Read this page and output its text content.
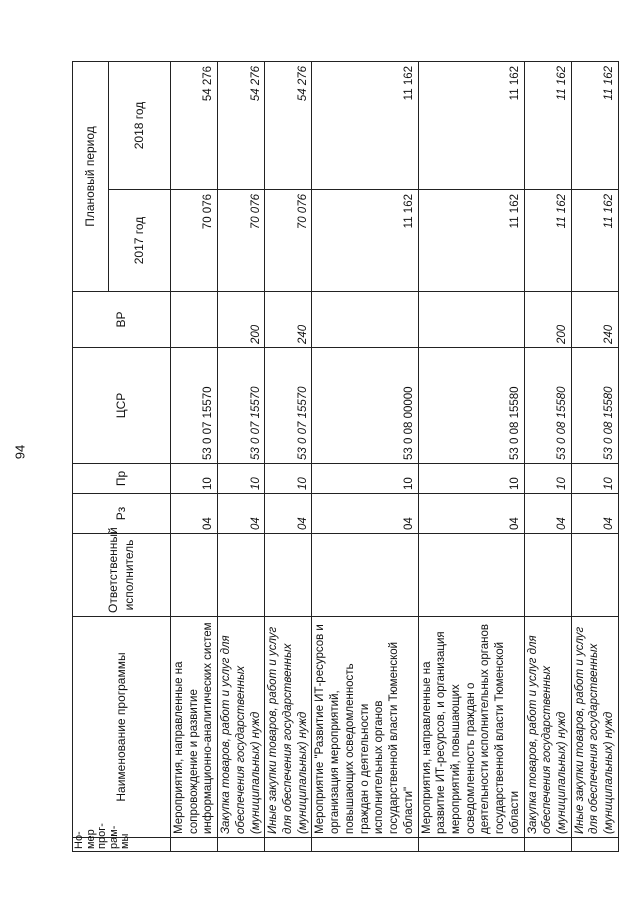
94
Но-мер прог-рам-мы	Наименование программы	Ответственный исполнитель	Рз	Пр	ЦСР	ВР	Плановый период	
							2017 год	2018 год
	Мероприятия, направленные на сопровождение и развитие информационно-аналитических систем		04	10	53 0 07 15570		70 076	54 276
	Закупка товаров, работ и услуг для обеспечения государственных (муниципальных) нужд		04	10	53 0 07 15570	200	70 076	54 276
	Иные закупки товаров, работ и услуг для обеспечения государственных (муниципальных) нужд		04	10	53 0 07 15570	240	70 076	54 276
	Мероприятие "Развитие ИТ-ресурсов и организация мероприятий, повышающих осведомленность граждан о деятельности исполнительных органов государственной власти Тюменской области"		04	10	53 0 08 00000		11 162	11 162
	Мероприятия, направленные на развитие ИТ-ресурсов, и организация мероприятий, повышающих осведомленность граждан о деятельности исполнительных органов государственной власти Тюменской области		04	10	53 0 08 15580		11 162	11 162
	Закупка товаров, работ и услуг для обеспечения государственных (муниципальных) нужд		04	10	53 0 08 15580	200	11 162	11 162
	Иные закупки товаров, работ и услуг для обеспечения государственных (муниципальных) нужд		04	10	53 0 08 15580	240	11 162	11 162
